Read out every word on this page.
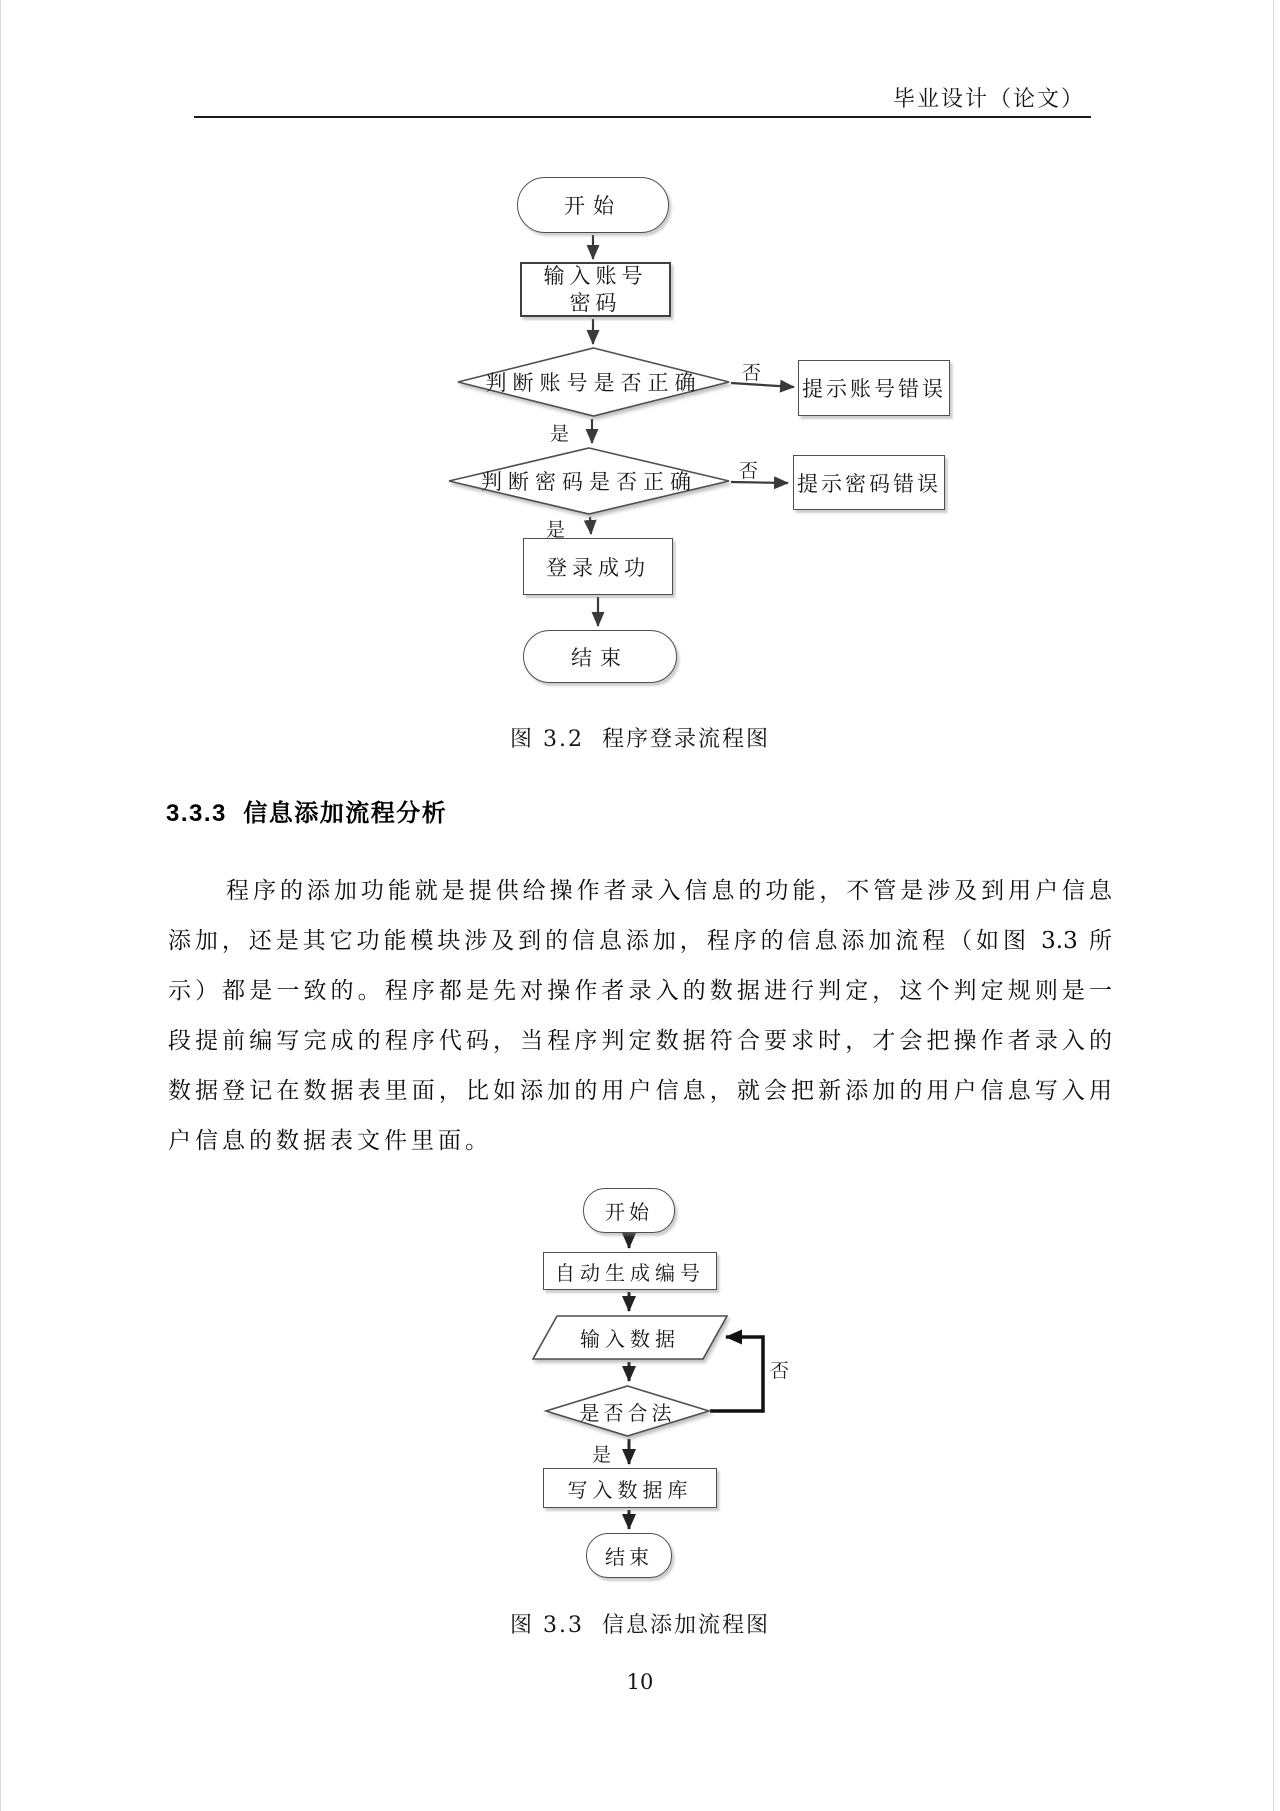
毕业设计（论文）
开始
输入账号
密码
判断账号是否正确	提示账号错误
判断密码是否正确	提示密码错误
登录成功
结束
否
是
否
是
图 3.2  程序登录流程图
3.3.3  信息添加流程分析
程序的添加功能就是提供给操作者录入信息的功能，不管是涉及到用户信息
添加，还是其它功能模块涉及到的信息添加，程序的信息添加流程（如图 3.3 所
示）都是一致的。程序都是先对操作者录入的数据进行判定，这个判定规则是一
段提前编写完成的程序代码，当程序判定数据符合要求时，才会把操作者录入的
数据登记在数据表里面，比如添加的用户信息，就会把新添加的用户信息写入用
户信息的数据表文件里面。
开始
自动生成编号
输入数据
是否合法
写入数据库
结束
否
是
图 3.3  信息添加流程图
10
